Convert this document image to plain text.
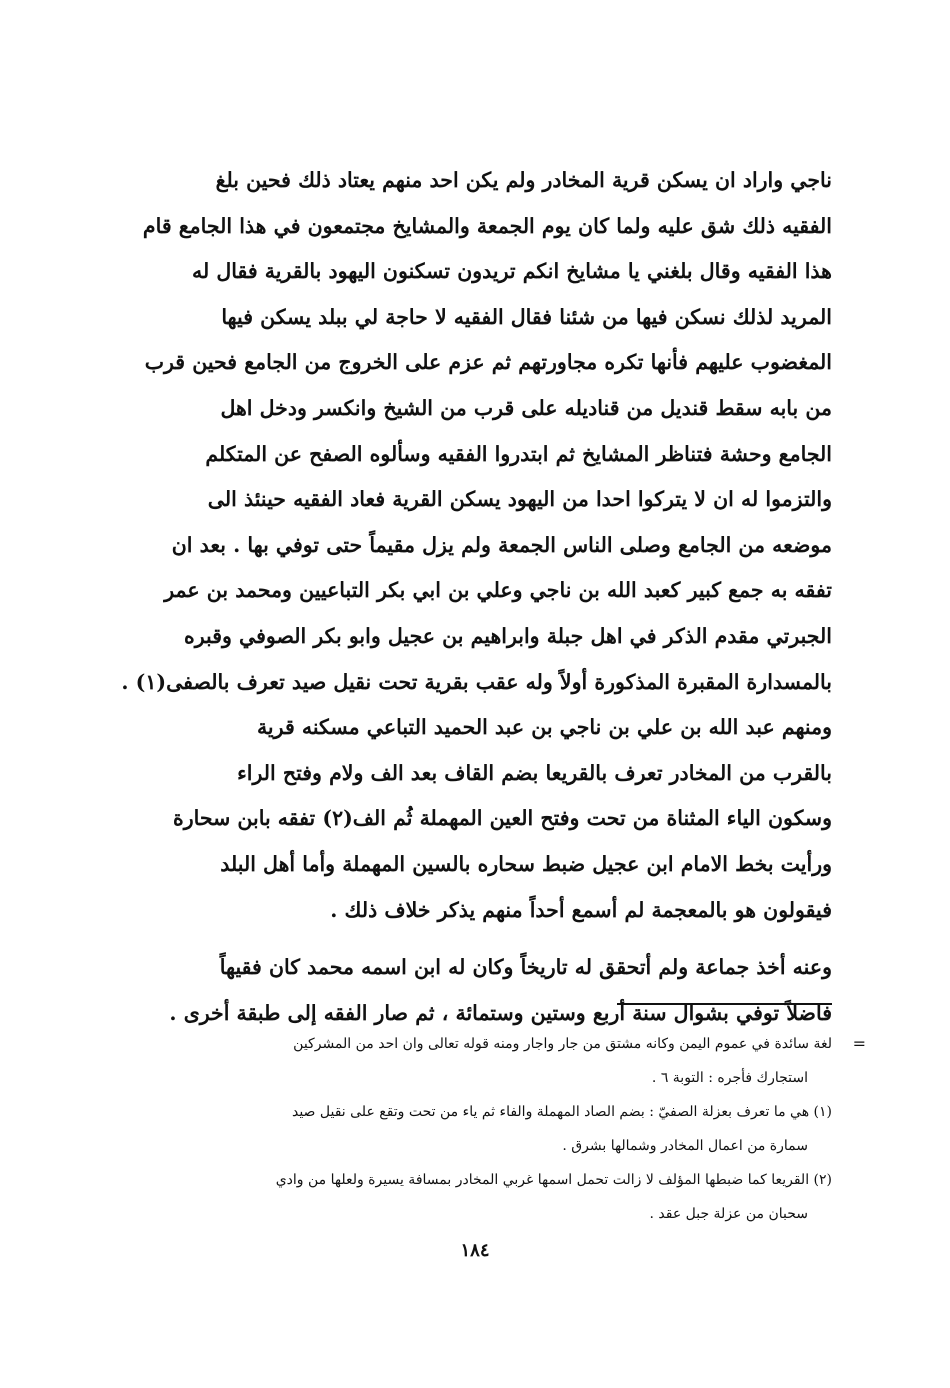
ناجي واراد ان يسكن قرية المخادر ولم يكن احد منهم يعتاد ذلك فحين بلغ
الفقيه ذلك شق عليه ولما كان يوم الجمعة والمشايخ مجتمعون في هذا الجامع قام
هذا الفقيه وقال بلغني يا مشايخ انكم تريدون تسكنون اليهود بالقرية فقال له
المريد لذلك نسكن فيها من شئنا فقال الفقيه لا حاجة لي ببلد يسكن فيها
المغضوب عليهم فأنها تكره مجاورتهم ثم عزم على الخروج من الجامع فحين قرب
من بابه سقط قنديل من قناديله على قرب من الشيخ وانكسر ودخل اهل
الجامع وحشة فتناظر المشايخ ثم ابتدروا الفقيه وسألوه الصفح عن المتكلم
والتزموا له ان لا يتركوا احدا من اليهود يسكن القرية فعاد الفقيه حينئذ الى
موضعه من الجامع وصلى الناس الجمعة ولم يزل مقيماً حتى توفي بها . بعد ان
تفقه به جمع كبير كعبد الله بن ناجي وعلي بن ابي بكر التباعيين ومحمد بن عمر
الجبرتي مقدم الذكر في اهل جبلة وابراهيم بن عجيل وابو بكر الصوفي وقبره
بالمسدارة المقبرة المذكورة أولاً وله عقب بقرية تحت نقيل صيد تعرف بالصفى(١) .
ومنهم عبد الله بن علي بن ناجي بن عبد الحميد التباعي مسكنه قرية
بالقرب من المخادر تعرف بالقريعا بضم القاف بعد الف ولام وفتح الراء
وسكون الياء المثناة من تحت وفتح العين المهملة ثُم الف(٢) تفقه بابن سحارة
ورأيت بخط الامام ابن عجيل ضبط سحاره بالسين المهملة وأما أهل البلد
فيقولون هو بالمعجمة لم أسمع أحداً منهم يذكر خلاف ذلك .
وعنه أخذ جماعة ولم أتحقق له تاريخاً وكان له ابن اسمه محمد كان فقيهاً
فاضلاً توفي بشوال سنة أربع وستين وستمائة ، ثم صار الفقه إلى طبقة أخرى .
=
لغة سائدة في عموم اليمن وكانه مشتق من جار واجار ومنه قوله تعالى وان احد من المشركين
استجارك فأجره : التوبة ٦ .
(١) هي ما تعرف بعزلة الصفيّ : بضم الصاد المهملة والفاء ثم ياء من تحت وتقع على نقيل صيد
سمارة من اعمال المخادر وشمالها بشرق .
(٢) القريعا كما ضبطها المؤلف لا زالت تحمل اسمها غربي المخادر بمسافة يسيرة ولعلها من وادي
سحبان من عزلة جبل عقد .
١٨٤
